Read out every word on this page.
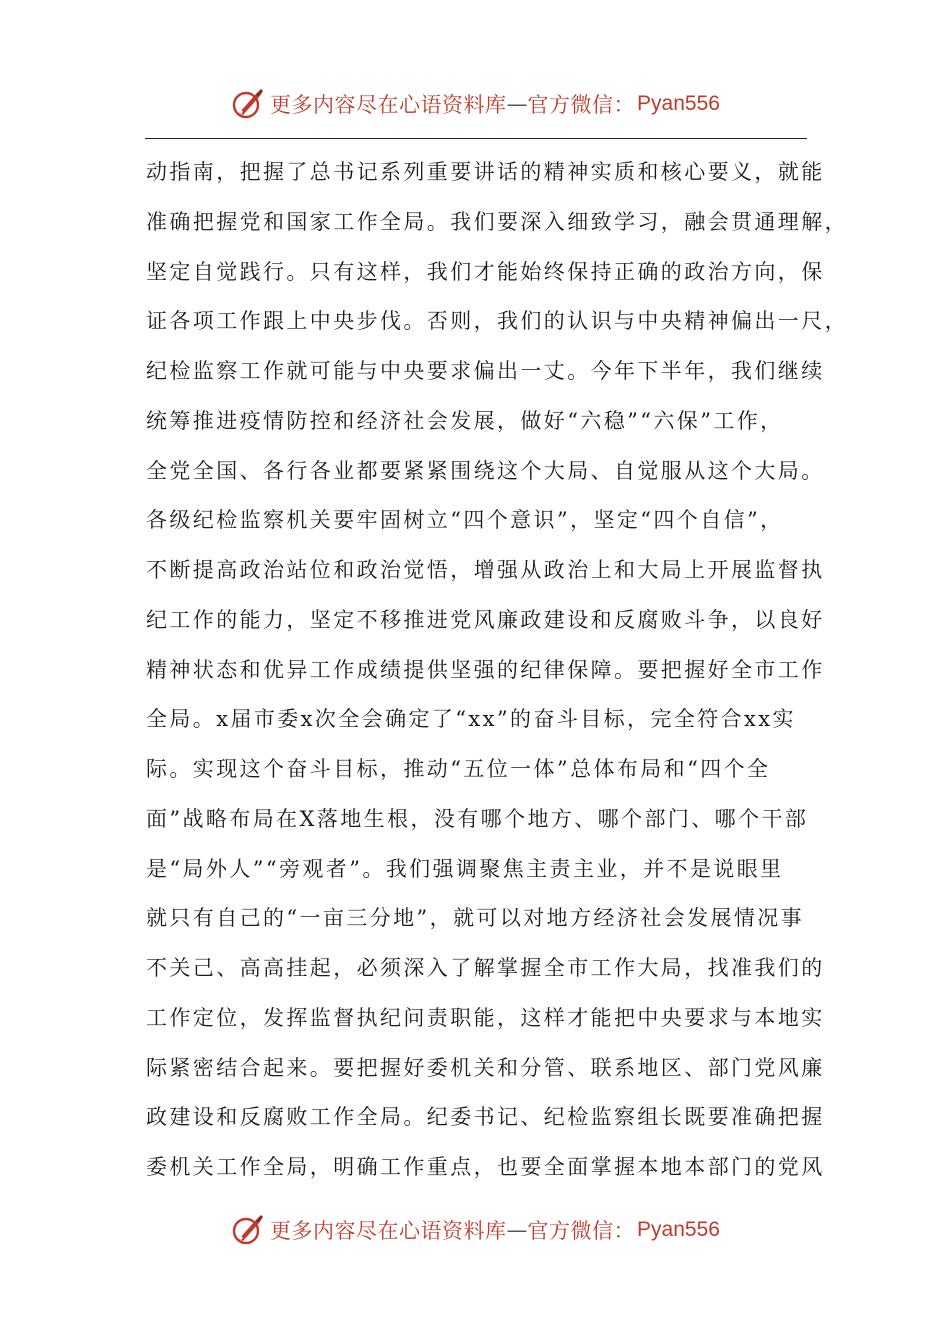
更多内容尽在心语资料库 — 官方微信： Pyan556
动指南，把握了总书记系列重要讲话的精神实质和核心要义，就能
准确把握党和国家工作全局。我们要深入细致学习，融会贯通理解，
坚定自觉践行。只有这样，我们才能始终保持正确的政治方向，保
证各项工作跟上中央步伐。否则，我们的认识与中央精神偏出一尺，
纪检监察工作就可能与中央要求偏出一丈。今年下半年，我们继续
统筹推进疫情防控和经济社会发展，做好“六稳”“六保”工作，
全党全国、各行各业都要紧紧围绕这个大局、自觉服从这个大局。
各级纪检监察机关要牢固树立“四个意识”，坚定“四个自信”，
不断提高政治站位和政治觉悟，增强从政治上和大局上开展监督执
纪工作的能力，坚定不移推进党风廉政建设和反腐败斗争，以良好
精神状态和优异工作成绩提供坚强的纪律保障。要把握好全市工作
全局。x届市委x次全会确定了“xx”的奋斗目标，完全符合xx实
际。实现这个奋斗目标，推动“五位一体”总体布局和“四个全
面”战略布局在X落地生根，没有哪个地方、哪个部门、哪个干部
是“局外人”“旁观者”。我们强调聚焦主责主业，并不是说眼里
就只有自己的“一亩三分地”，就可以对地方经济社会发展情况事
不关己、高高挂起，必须深入了解掌握全市工作大局，找准我们的
工作定位，发挥监督执纪问责职能，这样才能把中央要求与本地实
际紧密结合起来。要把握好委机关和分管、联系地区、部门党风廉
政建设和反腐败工作全局。纪委书记、纪检监察组长既要准确把握
委机关工作全局，明确工作重点，也要全面掌握本地本部门的党风
更多内容尽在心语资料库 — 官方微信： Pyan556
